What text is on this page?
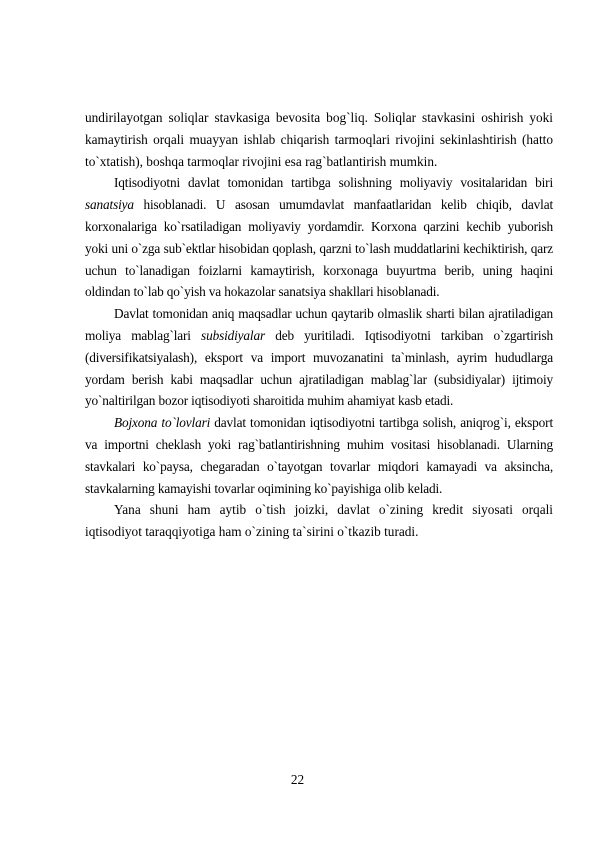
undirilayotgan soliqlar stavkasiga bevosita bog`liq. Soliqlar stavkasini oshirish yoki kamaytirish orqali muayyan ishlab chiqarish tarmoqlari rivojini sekinlashtirish (hatto to`xtatish), boshqa tarmoqlar rivojini esa rag`batlantirish mumkin.

Iqtisodiyotni davlat tomonidan tartibga solishning moliyaviy vositalaridan biri sanatsiya hisoblanadi. U asosan umumdavlat manfaatlaridan kelib chiqib, davlat korxonalariga ko`rsatiladigan moliyaviy yordamdir. Korxona qarzini kechib yuborish yoki uni o`zga sub`ektlar hisobidan qoplash, qarzni to`lash muddatlarini kechiktirish, qarz uchun to`lanadigan foizlarni kamaytirish, korxonaga buyurtma berib, uning haqini oldindan to`lab qo`yish va hokazolar sanatsiya shakllari hisoblanadi.

Davlat tomonidan aniq maqsadlar uchun qaytarib olmaslik sharti bilan ajratiladigan moliya mablag`lari subsidiyalar deb yuritiladi. Iqtisodiyotni tarkiban o`zgartirish (diversifikatsiyalash), eksport va import muvozanatini ta`minlash, ayrim hududlarga yordam berish kabi maqsadlar uchun ajratiladigan mablag`lar (subsidiyalar) ijtimoiy yo`naltirilgan bozor iqtisodiyoti sharoitida muhim ahamiyat kasb etadi.

Bojxona to`lovlari davlat tomonidan iqtisodiyotni tartibga solish, aniqrog`i, eksport va importni cheklash yoki rag`batlantirishning muhim vositasi hisoblanadi. Ularning stavkalari ko`paysa, chegaradan o`tayotgan tovarlar miqdori kamayadi va aksincha, stavkalarning kamayishi tovarlar oqimining ko`payishiga olib keladi.

Yana shuni ham aytib o`tish joizki, davlat o`zining kredit siyosati orqali iqtisodiyot taraqqiyotiga ham o`zining ta`sirini o`tkazib turadi.

22
